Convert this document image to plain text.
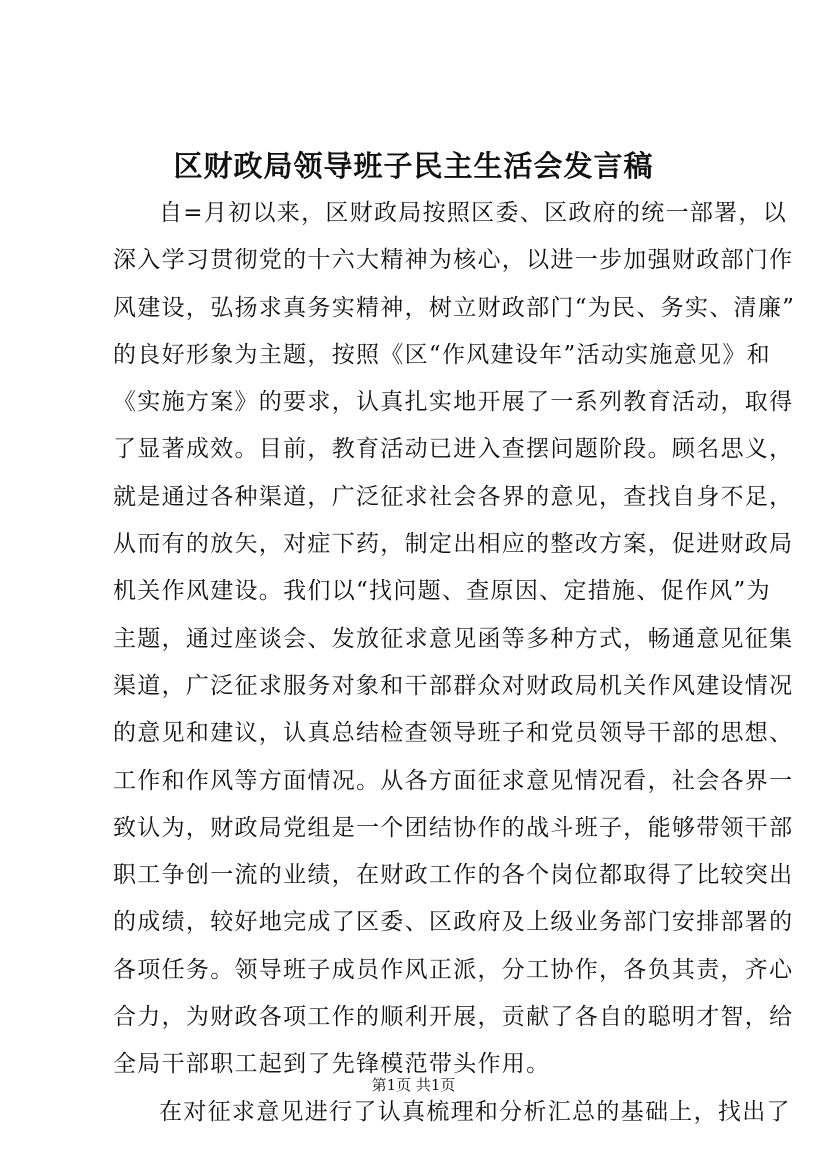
区财政局领导班子民主生活会发言稿
自=月初以来，区财政局按照区委、区政府的统一部署，以
深入学习贯彻党的十六大精神为核心，以进一步加强财政部门作
风建设，弘扬求真务实精神，树立财政部门“为民、务实、清廉”
的良好形象为主题，按照《区“作风建设年”活动实施意见》和
《实施方案》的要求，认真扎实地开展了一系列教育活动，取得
了显著成效。目前，教育活动已进入查摆问题阶段。顾名思义，
就是通过各种渠道，广泛征求社会各界的意见，查找自身不足，
从而有的放矢，对症下药，制定出相应的整改方案，促进财政局
机关作风建设。我们以“找问题、查原因、定措施、促作风”为
主题，通过座谈会、发放征求意见函等多种方式，畅通意见征集
渠道，广泛征求服务对象和干部群众对财政局机关作风建设情况
的意见和建议，认真总结检查领导班子和党员领导干部的思想、
工作和作风等方面情况。从各方面征求意见情况看，社会各界一
致认为，财政局党组是一个团结协作的战斗班子，能够带领干部
职工争创一流的业绩，在财政工作的各个岗位都取得了比较突出
的成绩，较好地完成了区委、区政府及上级业务部门安排部署的
各项任务。领导班子成员作风正派，分工协作，各负其责，齐心
合力，为财政各项工作的顺利开展，贡献了各自的聪明才智，给
全局干部职工起到了先锋模范带头作用。
在对征求意见进行了认真梳理和分析汇总的基础上，找出了
第1页 共1页
